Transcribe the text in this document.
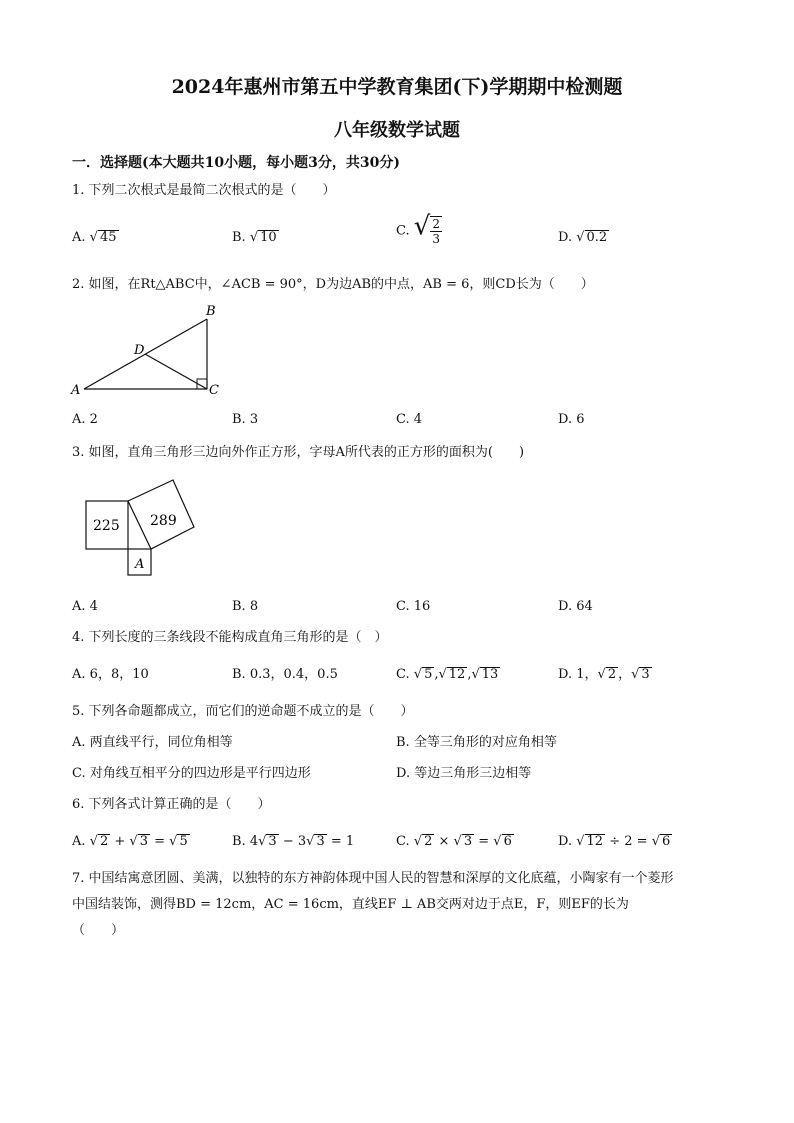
2024年惠州市第五中学教育集团(下)学期期中检测题
八年级数学试题
一．选择题(本大题共10小题，每小题3分，共30分)
1. 下列二次根式是最简二次根式的是（　　）
A. √ 45	B. √ 10	C. √ $\frac{2}{3}$	D. √ 0.2
2. 如图，在Rt△ABC中，∠ACB = 90°，D为边AB的中点，AB = 6，则CD长为（　　）
B
D
A	C
A. 2	B. 3	C. 4	D. 6
3. 如图，直角三角形三边向外作正方形，字母A所代表的正方形的面积为(　　)
225 289
A
A. 4	B. 8	C. 16	D. 64
4. 下列长度的三条线段不能构成直角三角形的是（　）
A. 6，8，10	B. 0.3，0.4，0.5	C. √ 5 ,√ 12 ,√ 13	D. 1，√ 2 ，√ 3
5. 下列各命题都成立，而它们的逆命题不成立的是（　　）
A. 两直线平行，同位角相等	B. 全等三角形的对应角相等
C. 对角线互相平分的四边形是平行四边形	D. 等边三角形三边相等
6. 下列各式计算正确的是（　　）
A. √ 2 + √ 3 = √ 5	B. 4√ 3 − 3√ 3 = 1	C. √ 2 × √ 3 = √ 6	D. √ 12 ÷ 2 = √ 6
7. 中国结寓意团圆、美满，以独特的东方神韵体现中国人民的智慧和深厚的文化底蕴，小陶家有一个菱形
中国结装饰，测得BD = 12cm，AC = 16cm，直线EF ⊥ AB交两对边于点E，F，则EF的长为
（　　）
